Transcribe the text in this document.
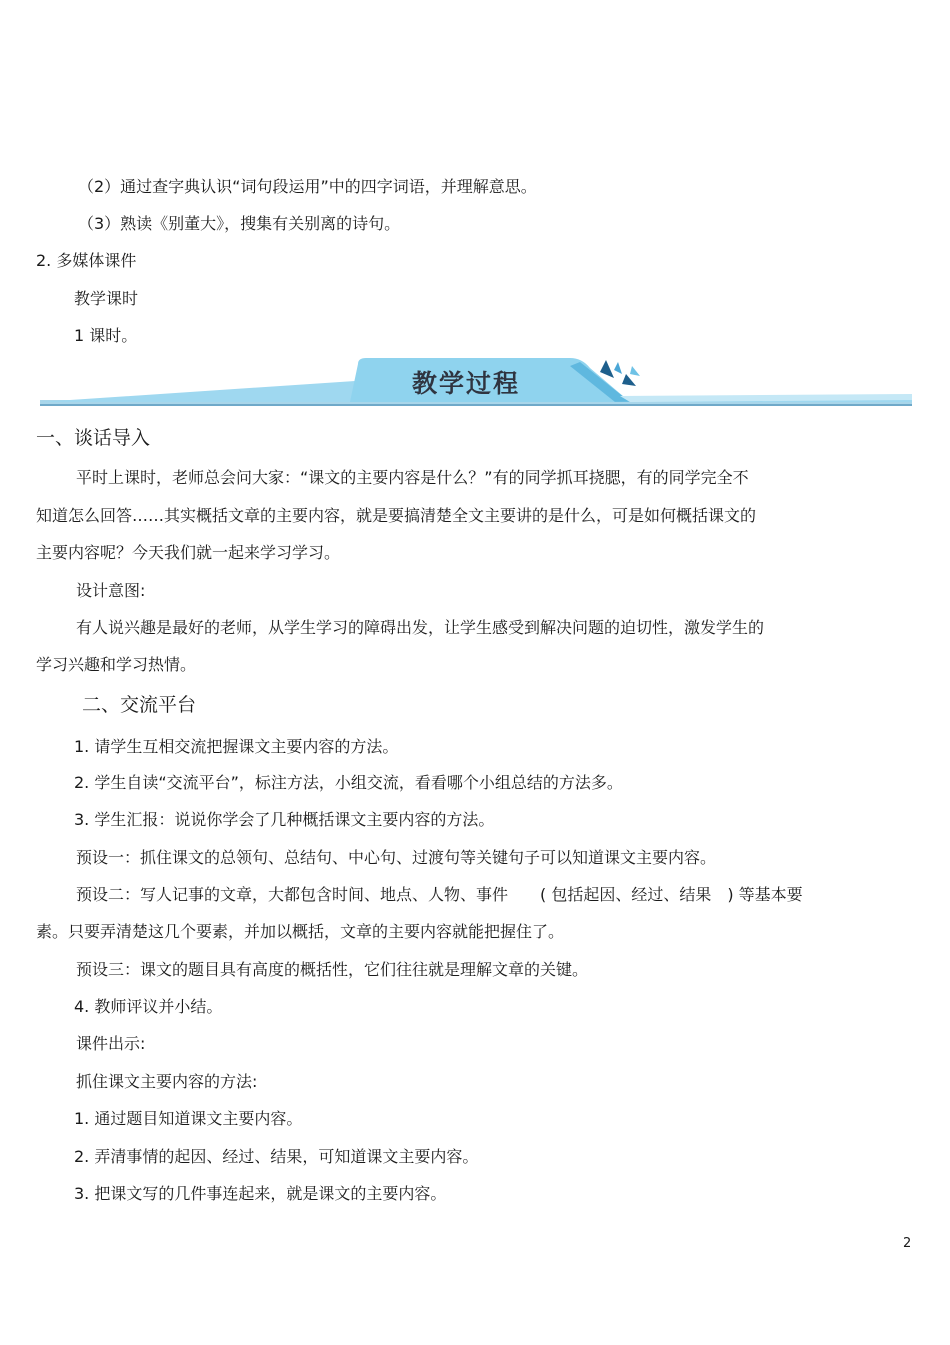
（2）通过查字典认识“词句段运用”中的四字词语，并理解意思。
（3）熟读《别董大》，搜集有关别离的诗句。
2. 多媒体课件
教学课时
1 课时。
教学过程
一、谈话导入
平时上课时，老师总会问大家：“课文的主要内容是什么？”有的同学抓耳挠腮，有的同学完全不
知道怎么回答……其实概括文章的主要内容，就是要搞清楚全文主要讲的是什么，可是如何概括课文的
主要内容呢？今天我们就一起来学习学习。
设计意图:
有人说兴趣是最好的老师，从学生学习的障碍出发，让学生感受到解决问题的迫切性，激发学生的
学习兴趣和学习热情。
二、交流平台
1. 请学生互相交流把握课文主要内容的方法。
2. 学生自读“交流平台”，标注方法，小组交流，看看哪个小组总结的方法多。
3. 学生汇报：说说你学会了几种概括课文主要内容的方法。
预设一：抓住课文的总领句、总结句、中心句、过渡句等关键句子可以知道课文主要内容。
预设二：写人记事的文章，大都包含时间、地点、人物、事件　　( 包括起因、经过、结果　) 等基本要
素。只要弄清楚这几个要素，并加以概括，文章的主要内容就能把握住了。
预设三：课文的题目具有高度的概括性，它们往往就是理解文章的关键。
4. 教师评议并小结。
课件出示:
抓住课文主要内容的方法:
1. 通过题目知道课文主要内容。
2. 弄清事情的起因、经过、结果，可知道课文主要内容。
3. 把课文写的几件事连起来，就是课文的主要内容。
2
